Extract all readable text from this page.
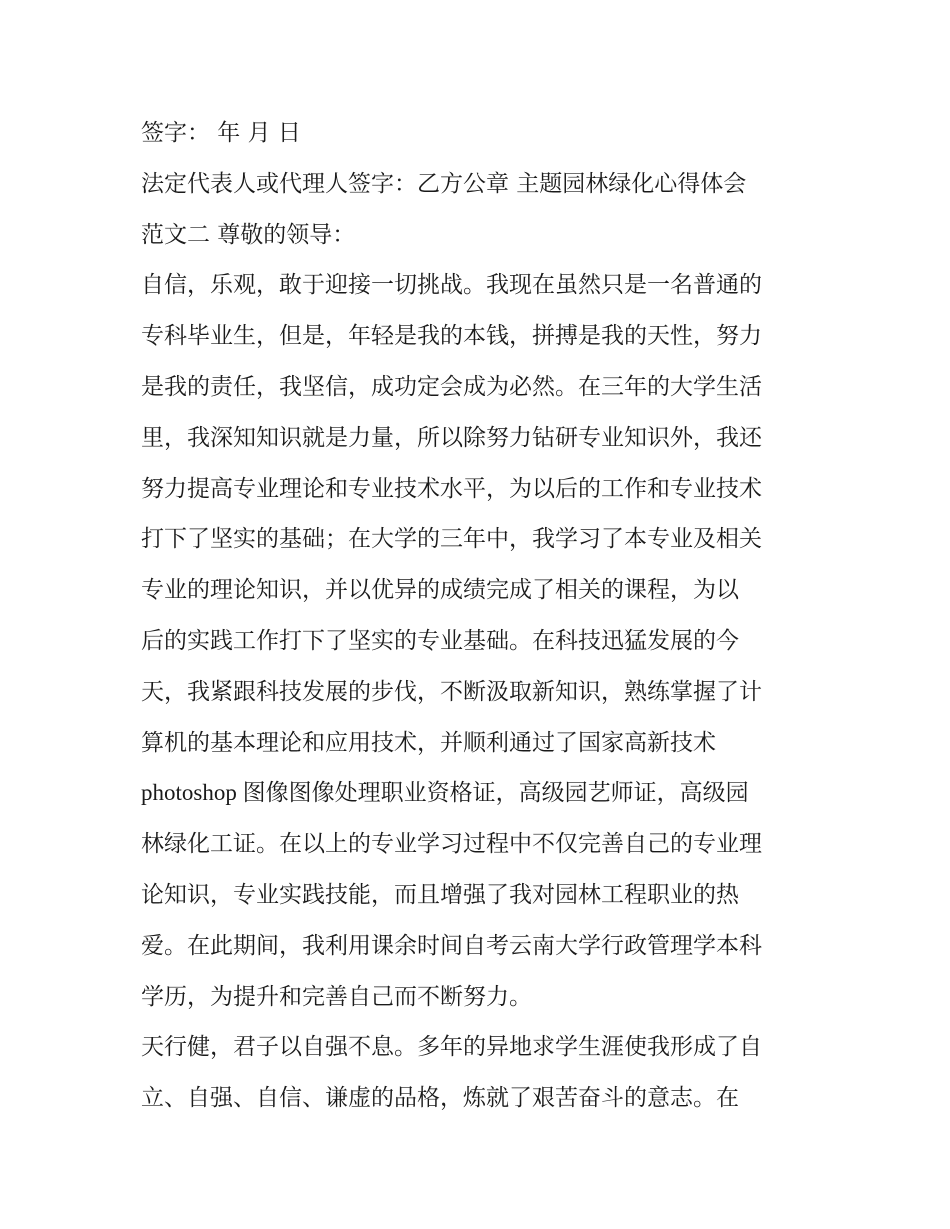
签字： 年 月 日
法定代表人或代理人签字：乙方公章 主题园林绿化心得体会
范文二 尊敬的领导：
自信，乐观，敢于迎接一切挑战。我现在虽然只是一名普通的
专科毕业生，但是，年轻是我的本钱，拼搏是我的天性，努力
是我的责任，我坚信，成功定会成为必然。在三年的大学生活
里，我深知知识就是力量，所以除努力钻研专业知识外，我还
努力提高专业理论和专业技术水平，为以后的工作和专业技术
打下了坚实的基础；在大学的三年中，我学习了本专业及相关
专业的理论知识，并以优异的成绩完成了相关的课程，为以
后的实践工作打下了坚实的专业基础。在科技迅猛发展的今
天，我紧跟科技发展的步伐，不断汲取新知识，熟练掌握了计
算机的基本理论和应用技术，并顺利通过了国家高新技术
photoshop 图像图像处理职业资格证，高级园艺师证，高级园
林绿化工证。在以上的专业学习过程中不仅完善自己的专业理
论知识，专业实践技能，而且增强了我对园林工程职业的热
爱。在此期间，我利用课余时间自考云南大学行政管理学本科
学历，为提升和完善自己而不断努力。
天行健，君子以自强不息。多年的异地求学生涯使我形成了自
立、自强、自信、谦虚的品格，炼就了艰苦奋斗的意志。在
